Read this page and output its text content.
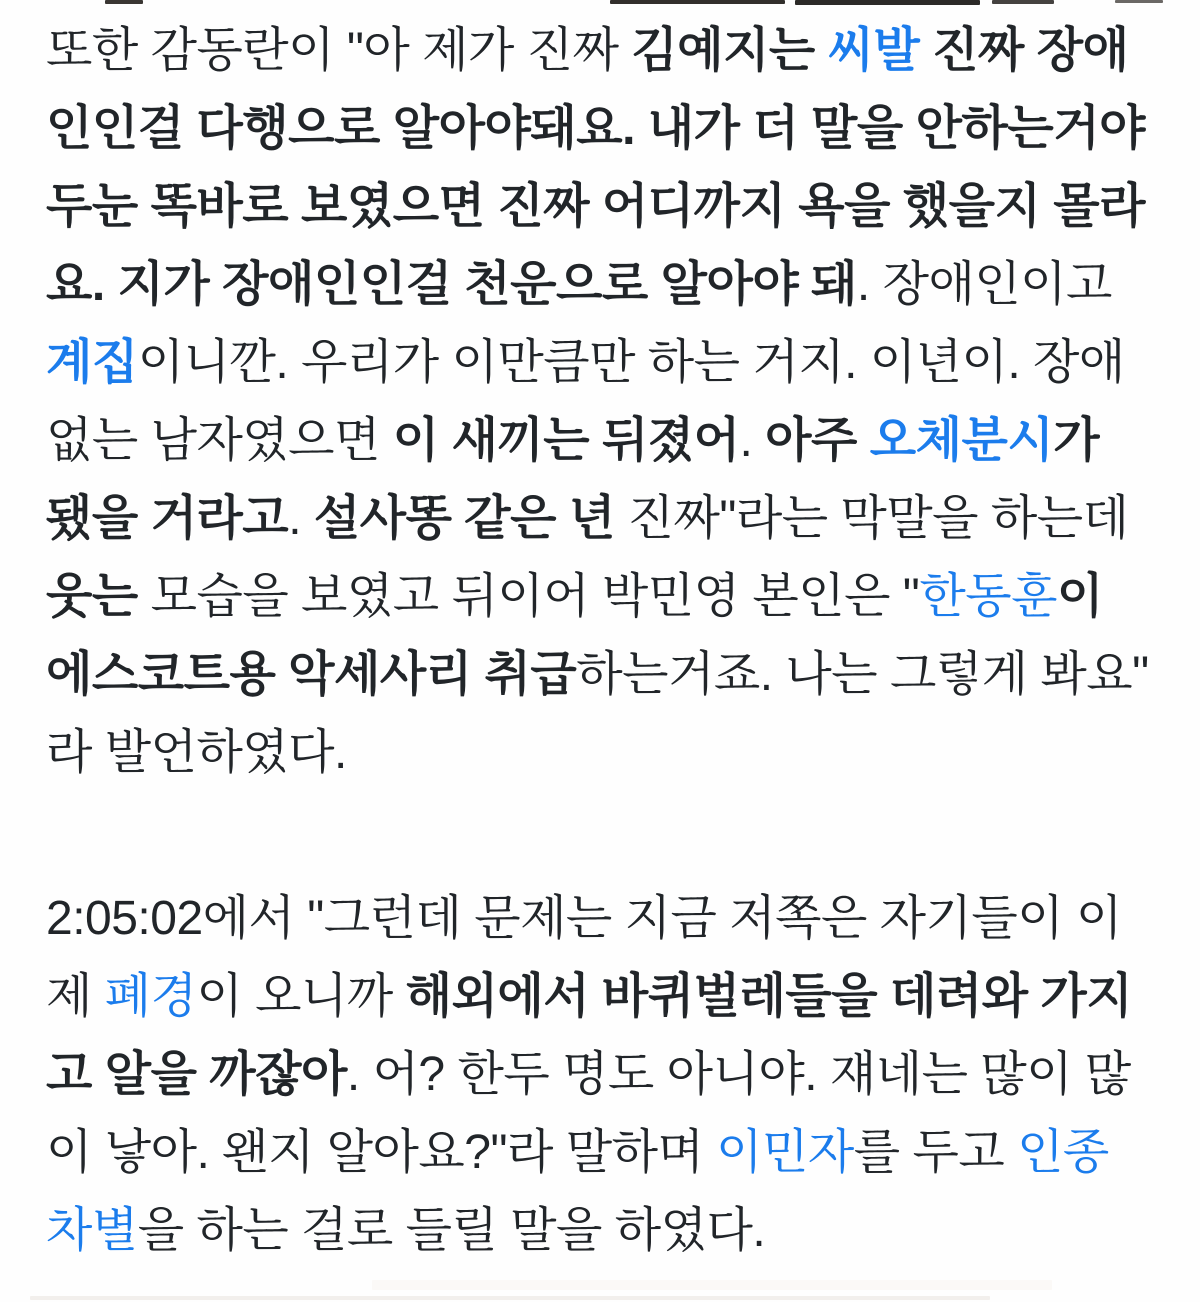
또한 감동란이 "아 제가 진짜 김예지는 씨발 진짜 장애
인인걸 다행으로 알아야돼요. 내가 더 말을 안하는거야
두눈 똑바로 보였으면 진짜 어디까지 욕을 했을지 몰라
요. 지가 장애인인걸 천운으로 알아야 돼. 장애인이고
계집이니깐. 우리가 이만큼만 하는 거지. 이년이. 장애
없는 남자였으면 이 새끼는 뒤졌어. 아주 오체분시가
됐을 거라고. 설사똥 같은 년 진짜"라는 막말을 하는데
웃는 모습을 보였고 뒤이어 박민영 본인은 "한동훈이
에스코트용 악세사리 취급하는거죠. 나는 그렇게 봐요"
라 발언하였다.

2:05:02에서 "그런데 문제는 지금 저쪽은 자기들이 이
제 폐경이 오니까 해외에서 바퀴벌레들을 데려와 가지
고 알을 까잖아. 어? 한두 명도 아니야. 쟤네는 많이 많
이 낳아. 왠지 알아요?"라 말하며 이민자를 두고 인종
차별을 하는 걸로 들릴 말을 하였다.
